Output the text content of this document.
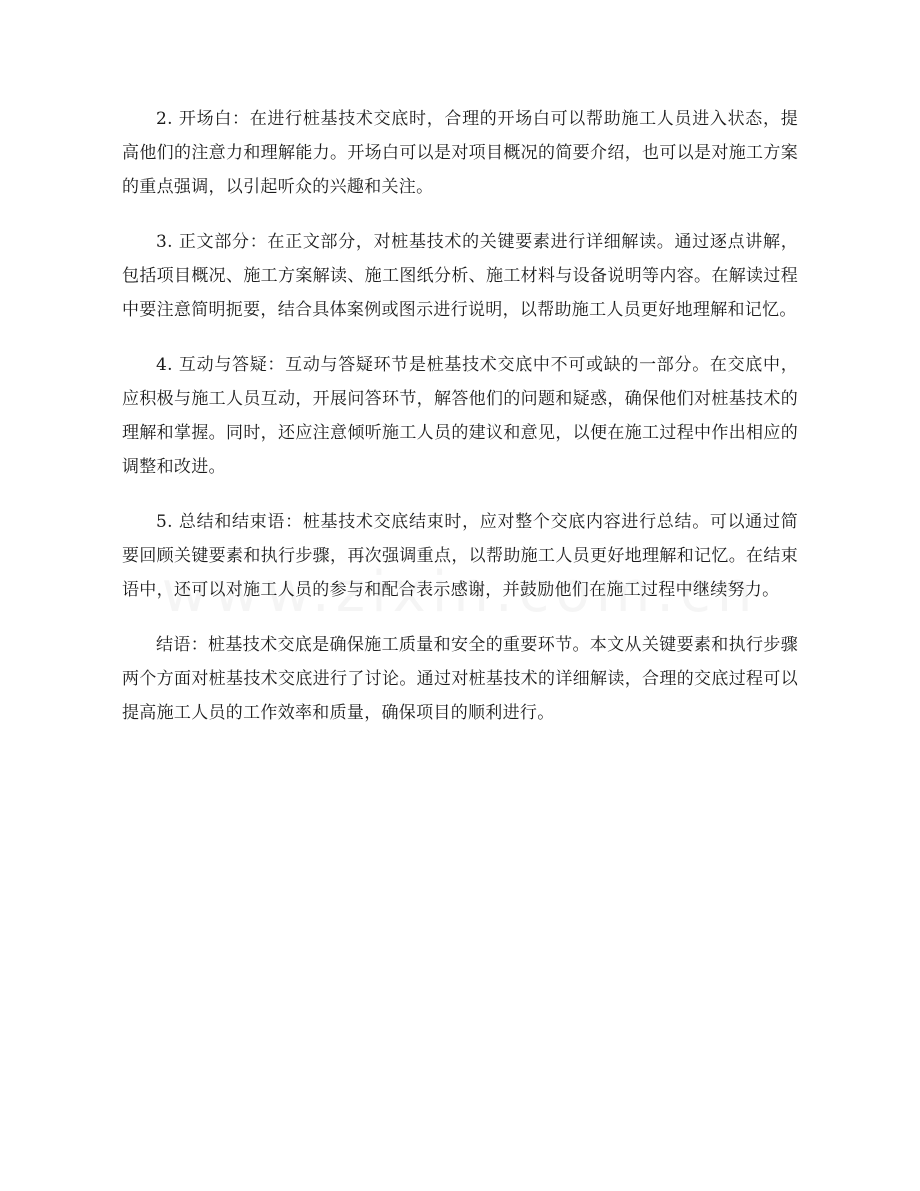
2. 开场白：在进行桩基技术交底时，合理的开场白可以帮助施工人员进入状态，提高他们的注意力和理解能力。开场白可以是对项目概况的简要介绍，也可以是对施工方案的重点强调，以引起听众的兴趣和关注。

3. 正文部分：在正文部分，对桩基技术的关键要素进行详细解读。通过逐点讲解，包括项目概况、施工方案解读、施工图纸分析、施工材料与设备说明等内容。在解读过程中要注意简明扼要，结合具体案例或图示进行说明，以帮助施工人员更好地理解和记忆。

4. 互动与答疑：互动与答疑环节是桩基技术交底中不可或缺的一部分。在交底中，应积极与施工人员互动，开展问答环节，解答他们的问题和疑惑，确保他们对桩基技术的理解和掌握。同时，还应注意倾听施工人员的建议和意见，以便在施工过程中作出相应的调整和改进。

5. 总结和结束语：桩基技术交底结束时，应对整个交底内容进行总结。可以通过简要回顾关键要素和执行步骤，再次强调重点，以帮助施工人员更好地理解和记忆。在结束语中，还可以对施工人员的参与和配合表示感谢，并鼓励他们在施工过程中继续努力。

结语：桩基技术交底是确保施工质量和安全的重要环节。本文从关键要素和执行步骤两个方面对桩基技术交底进行了讨论。通过对桩基技术的详细解读，合理的交底过程可以提高施工人员的工作效率和质量，确保项目的顺利进行。
